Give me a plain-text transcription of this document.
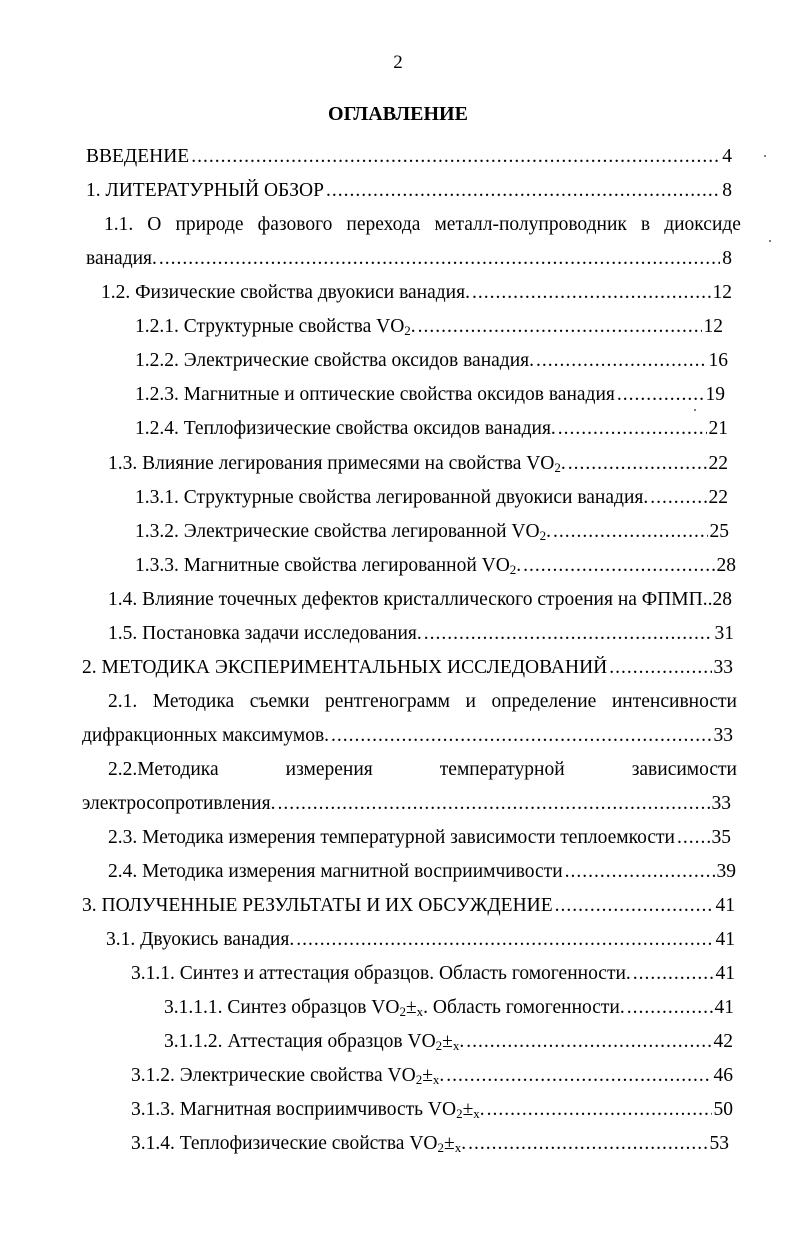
2
ОГЛАВЛЕНИЕ
ВВЕДЕНИЕ .....	4
1. ЛИТЕРАТУРНЫЙ ОБЗОР .....	8
1.1. О природе фазового перехода металл-полупроводник в диоксиде
ванадия. .....	8
1.2. Физические свойства двуокиси ванадия. .....	12
1.2.1. Структурные свойства $VO_2$. .....	12
1.2.2. Электрические свойства оксидов ванадия. .....	16
1.2.3. Магнитные и оптические свойства оксидов ванадия .....	19
1.2.4. Теплофизические свойства оксидов ванадия. .....	21
1.3. Влияние легирования примесями на свойства $VO_2$. .....	22
1.3.1. Структурные свойства легированной двуокиси ванадия. .....	22
1.3.2. Электрические свойства легированной $VO_2$. .....	25
1.3.3. Магнитные свойства легированной $VO_2$. .....	28
1.4. Влияние точечных дефектов кристаллического строения на ФПМП..28
1.5. Постановка задачи исследования. .....	31
2. МЕТОДИКА ЭКСПЕРИМЕНТАЛЬНЫХ ИССЛЕДОВАНИЙ .....	33
2.1. Методика съемки рентгенограмм и определение интенсивности
дифракционных максимумов. .....	33
2.2.Методика	измерения	температурной	зависимости
электросопротивления. .....	33
2.3. Методика измерения температурной зависимости теплоемкости ..... 35
2.4. Методика измерения магнитной восприимчивости .....	39
3. ПОЛУЧЕННЫЕ РЕЗУЛЬТАТЫ И ИХ ОБСУЖДЕНИЕ .....	41
3.1. Двуокись ванадия. .....	41
3.1.1. Синтез и аттестация образцов. Область гомогенности. .....	41
3.1.1.1. Синтез образцов $VO_2\pm_x$. Область гомогенности. .....	41
3.1.1.2. Аттестация образцов $VO_2\pm_x$. .....	42
3.1.2. Электрические свойства $VO_2\pm_x$. .....	46
3.1.3. Магнитная восприимчивость $VO_2\pm_x$. .....	50
3.1.4. Теплофизические свойства $VO_2\pm_x$. .....	53
